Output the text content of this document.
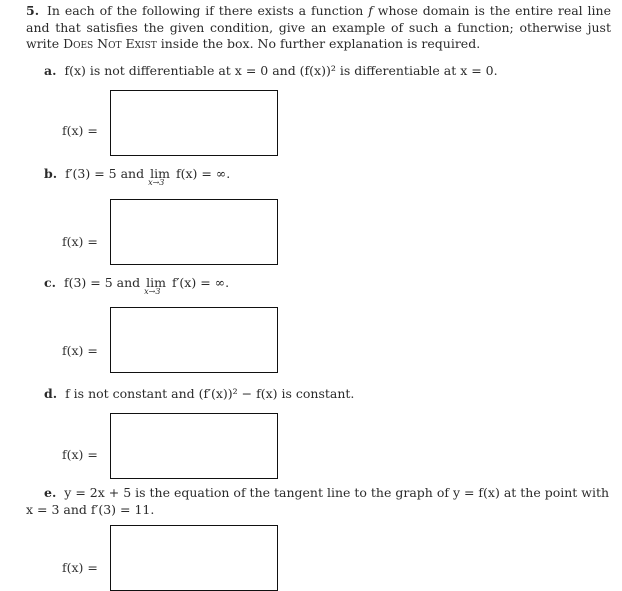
5. In each of the following if there exists a function f whose domain is the entire real line and that satisfies the given condition, give an example of such a function; otherwise just write Does Not Exist inside the box. No further explanation is required.
a. f(x) is not differentiable at x = 0 and (f(x))² is differentiable at x = 0.
f(x) =
b. f′(3) = 5 and lim
x→3
f(x) = ∞.
f(x) =
c. f(3) = 5 and lim
x→3
f′(x) = ∞.
f(x) =
d. f is not constant and (f′(x))² − f(x) is constant.
f(x) =
e. y = 2x + 5 is the equation of the tangent line to the graph of y = f(x) at the point with x = 3 and f′(3) = 11.
f(x) =
